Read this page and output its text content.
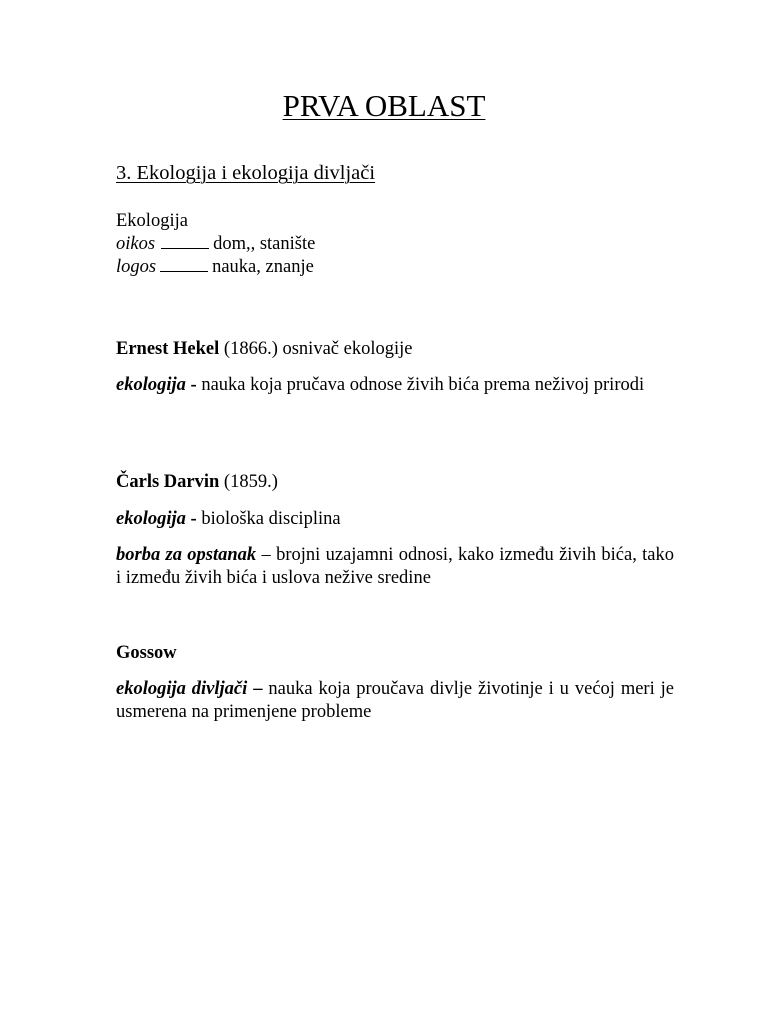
PRVA OBLAST
3. Ekologija i ekologija divljači
Ekologija
oikos	dom,, stanište
logos	nauka, znanje
Ernest Hekel (1866.) osnivač ekologije
ekologija - nauka koja pručava odnose živih bića prema neživoj prirodi
Čarls Darvin (1859.)
ekologija - biološka disciplina
borba za opstanak – brojni uzajamni odnosi, kako između živih bića, tako i između živih bića i uslova nežive sredine
Gossow
ekologija divljači – nauka koja proučava divlje životinje i u većoj meri je usmerena na primenjene probleme
